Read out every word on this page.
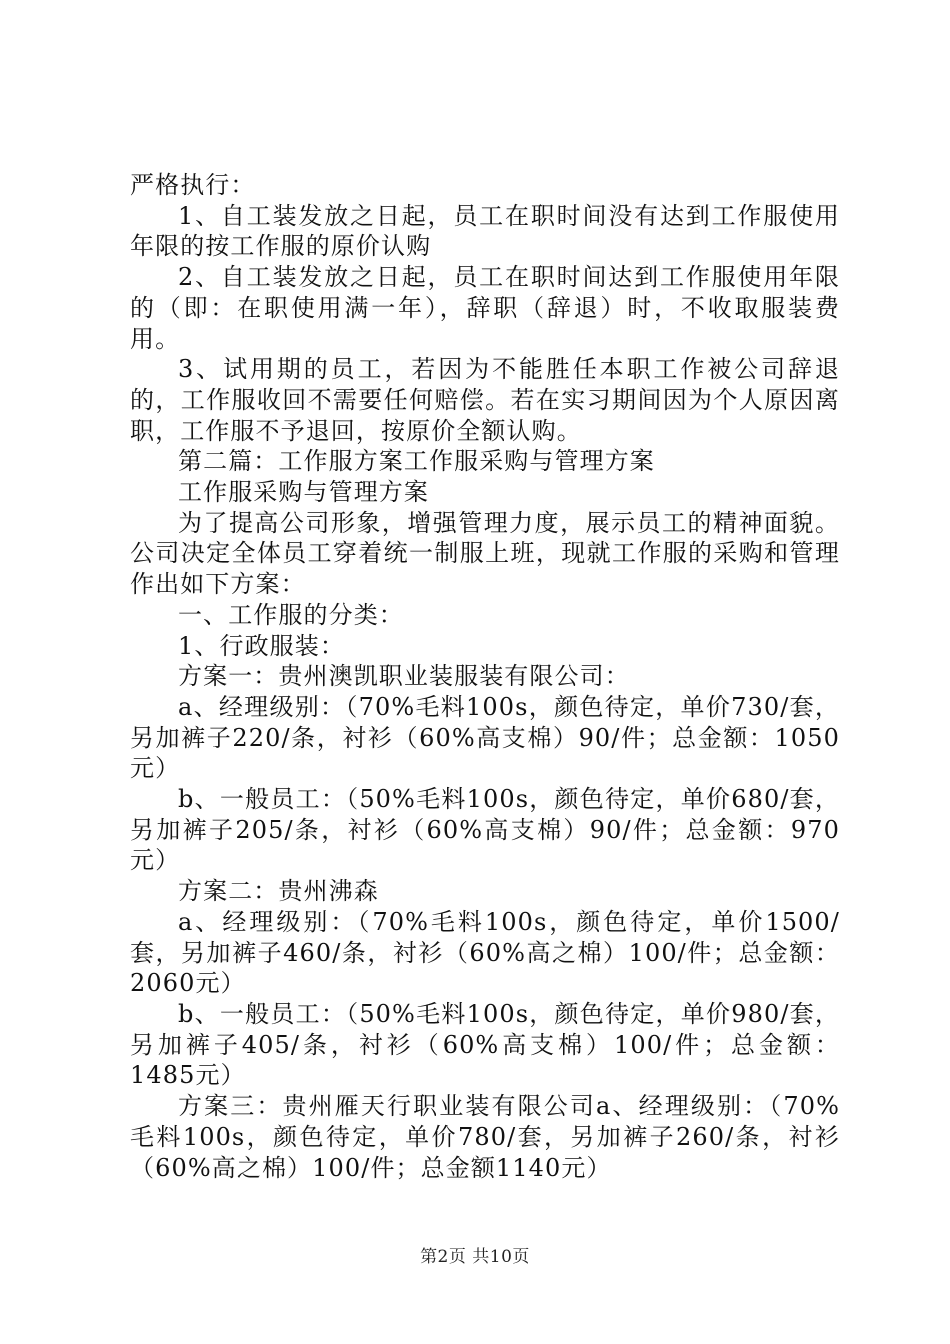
严格执行：

1、自工装发放之日起，员工在职时间没有达到工作服使用年限的按工作服的原价认购

2、自工装发放之日起，员工在职时间达到工作服使用年限的（即：在职使用满一年），辞职（辞退）时，不收取服装费用。

3、试用期的员工，若因为不能胜任本职工作被公司辞退的，工作服收回不需要任何赔偿。若在实习期间因为个人原因离职，工作服不予退回，按原价全额认购。

第二篇：工作服方案工作服采购与管理方案

工作服采购与管理方案

为了提高公司形象，增强管理力度，展示员工的精神面貌。公司决定全体员工穿着统一制服上班，现就工作服的采购和管理作出如下方案：

一、工作服的分类：

1、行政服装：

方案一：贵州澳凯职业装服装有限公司：

a、经理级别：（70%毛料100s，颜色待定，单价730/套，另加裤子220/条，衬衫（60%高支棉）90/件；总金额：1050元）

b、一般员工：（50%毛料100s，颜色待定，单价680/套，另加裤子205/条，衬衫（60%高支棉）90/件；总金额：970元）

方案二：贵州沸森

a、经理级别：（70%毛料100s，颜色待定，单价1500/套，另加裤子460/条，衬衫（60%高之棉）100/件；总金额：2060元）

b、一般员工：（50%毛料100s，颜色待定，单价980/套，另加裤子405/条，衬衫（60%高支棉）100/件；总金额：1485元）

方案三：贵州雁天行职业装有限公司a、经理级别：（70%毛料100s，颜色待定，单价780/套，另加裤子260/条，衬衫（60%高之棉）100/件；总金额1140元）

第2页 共10页
